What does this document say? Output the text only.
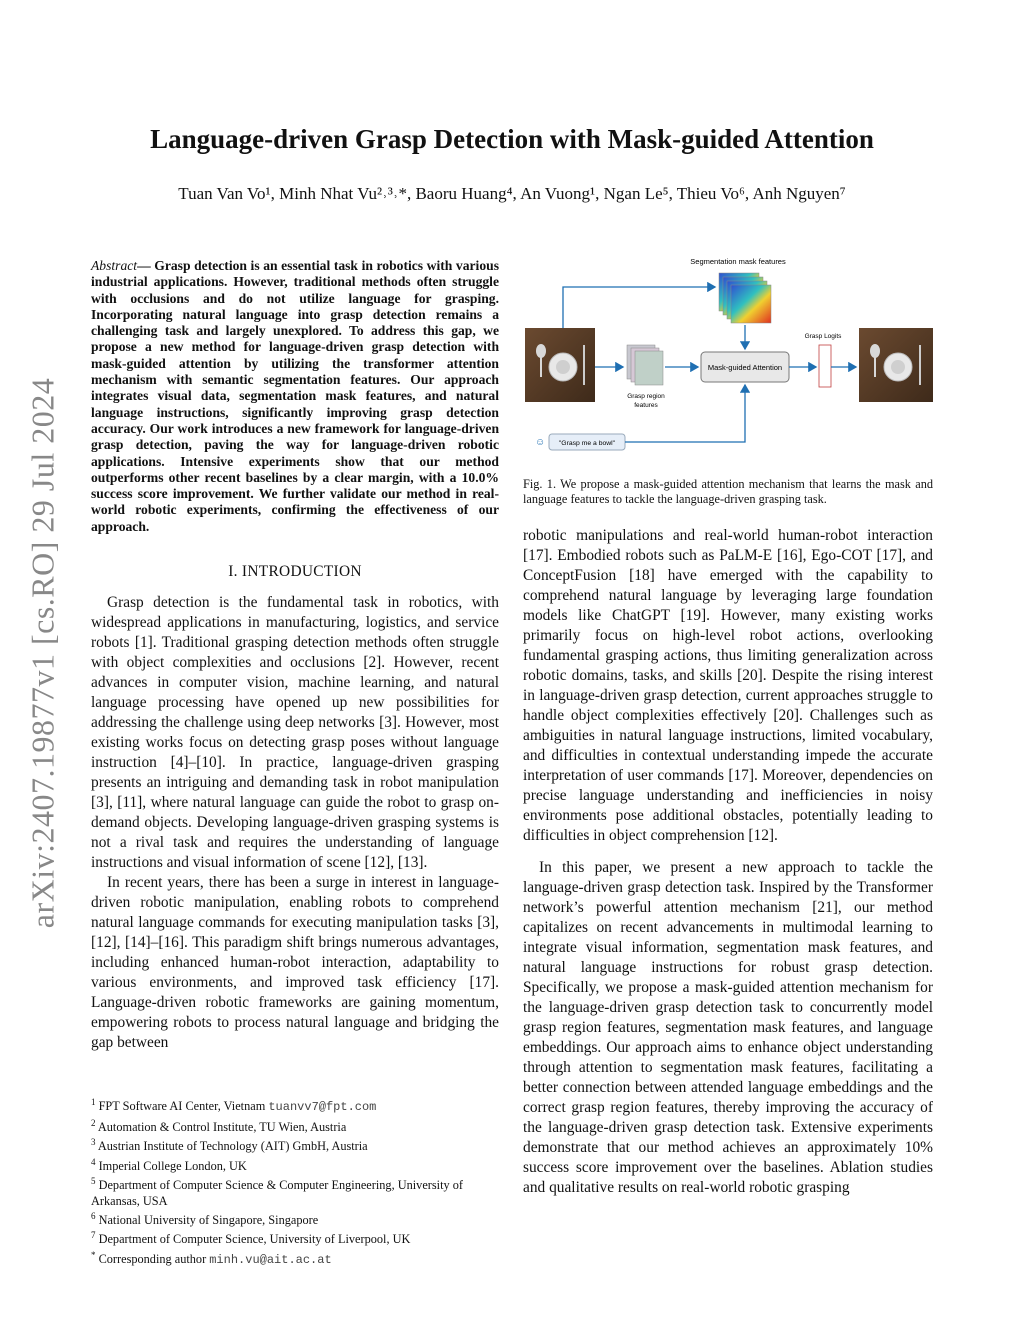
arXiv:2407.19877v1 [cs.RO] 29 Jul 2024
Language-driven Grasp Detection with Mask-guided Attention
Tuan Van Vo¹, Minh Nhat Vu²˒³˒*, Baoru Huang⁴, An Vuong¹, Ngan Le⁵, Thieu Vo⁶, Anh Nguyen⁷
Abstract— Grasp detection is an essential task in robotics with various industrial applications. However, traditional methods often struggle with occlusions and do not utilize language for grasping. Incorporating natural language into grasp detection remains a challenging task and largely unexplored. To address this gap, we propose a new method for language-driven grasp detection with mask-guided attention by utilizing the transformer attention mechanism with semantic segmentation features. Our approach integrates visual data, segmentation mask features, and natural language instructions, significantly improving grasp detection accuracy. Our work introduces a new framework for language-driven grasp detection, paving the way for language-driven robotic applications. Intensive experiments show that our method outperforms other recent baselines by a clear margin, with a 10.0% success score improvement. We further validate our method in real-world robotic experiments, confirming the effectiveness of our approach.
I. INTRODUCTION

Grasp detection is the fundamental task in robotics, with widespread applications in manufacturing, logistics, and service robots [1]. Traditional grasping detection methods often struggle with object complexities and occlusions [2]. However, recent advances in computer vision, machine learning, and natural language processing have opened up new possibilities for addressing the challenge using deep networks [3]. However, most existing works focus on detecting grasp poses without language instruction [4]–[10]. In practice, language-driven grasping presents an intriguing and demanding task in robot manipulation [3], [11], where natural language can guide the robot to grasp on-demand objects. Developing language-driven grasping systems is not a rival task and requires the understanding of language instructions and visual information of scene [12], [13].

In recent years, there has been a surge in interest in language-driven robotic manipulation, enabling robots to comprehend natural language commands for executing manipulation tasks [3], [12], [14]–[16]. This paradigm shift brings numerous advantages, including enhanced human-robot interaction, adaptability to various environments, and improved task efficiency [17]. Language-driven robotic frameworks are gaining momentum, empowering robots to process natural language and bridging the gap between

$^1$ FPT Software AI Center, Vietnam tuanvv7@fpt.com
$^2$ Automation & Control Institute, TU Wien, Austria
$^3$ Austrian Institute of Technology (AIT) GmbH, Austria
$^4$ Imperial College London, UK
$^5$ Department of Computer Science & Computer Engineering, University of Arkansas, USA
$^6$ National University of Singapore, Singapore
$^7$ Department of Computer Science, University of Liverpool, UK
* Corresponding author minh.vu@ait.ac.at
Segmentation mask features
Grasp region
features
Mask-guided Attention
Grasp Logits
☺ "Grasp me a bowl"
Fig. 1. We propose a mask-guided attention mechanism that learns the mask and language features to tackle the language-driven grasping task.

robotic manipulations and real-world human-robot interaction [17]. Embodied robots such as PaLM-E [16], Ego-COT [17], and ConceptFusion [18] have emerged with the capability to comprehend natural language by leveraging large foundation models like ChatGPT [19]. However, many existing works primarily focus on high-level robot actions, overlooking fundamental grasping actions, thus limiting generalization across robotic domains, tasks, and skills [20]. Despite the rising interest in language-driven grasp detection, current approaches struggle to handle object complexities effectively [20]. Challenges such as ambiguities in natural language instructions, limited vocabulary, and difficulties in contextual understanding impede the accurate interpretation of user commands [17]. Moreover, dependencies on precise language understanding and inefficiencies in noisy environments pose additional obstacles, potentially leading to difficulties in object comprehension [12].

In this paper, we present a new approach to tackle the language-driven grasp detection task. Inspired by the Transformer network’s powerful attention mechanism [21], our method capitalizes on recent advancements in multimodal learning to integrate visual information, segmentation mask features, and natural language instructions for robust grasp detection. Specifically, we propose a mask-guided attention mechanism for the language-driven grasp detection task to concurrently model grasp region features, segmentation mask features, and language embeddings. Our approach aims to enhance object understanding through attention to segmentation mask features, facilitating a better connection between attended language embeddings and the correct grasp region features, thereby improving the accuracy of the language-driven grasp detection task. Extensive experiments demonstrate that our method achieves an approximately 10% success score improvement over the baselines. Ablation studies and qualitative results on real-world robotic grasping
